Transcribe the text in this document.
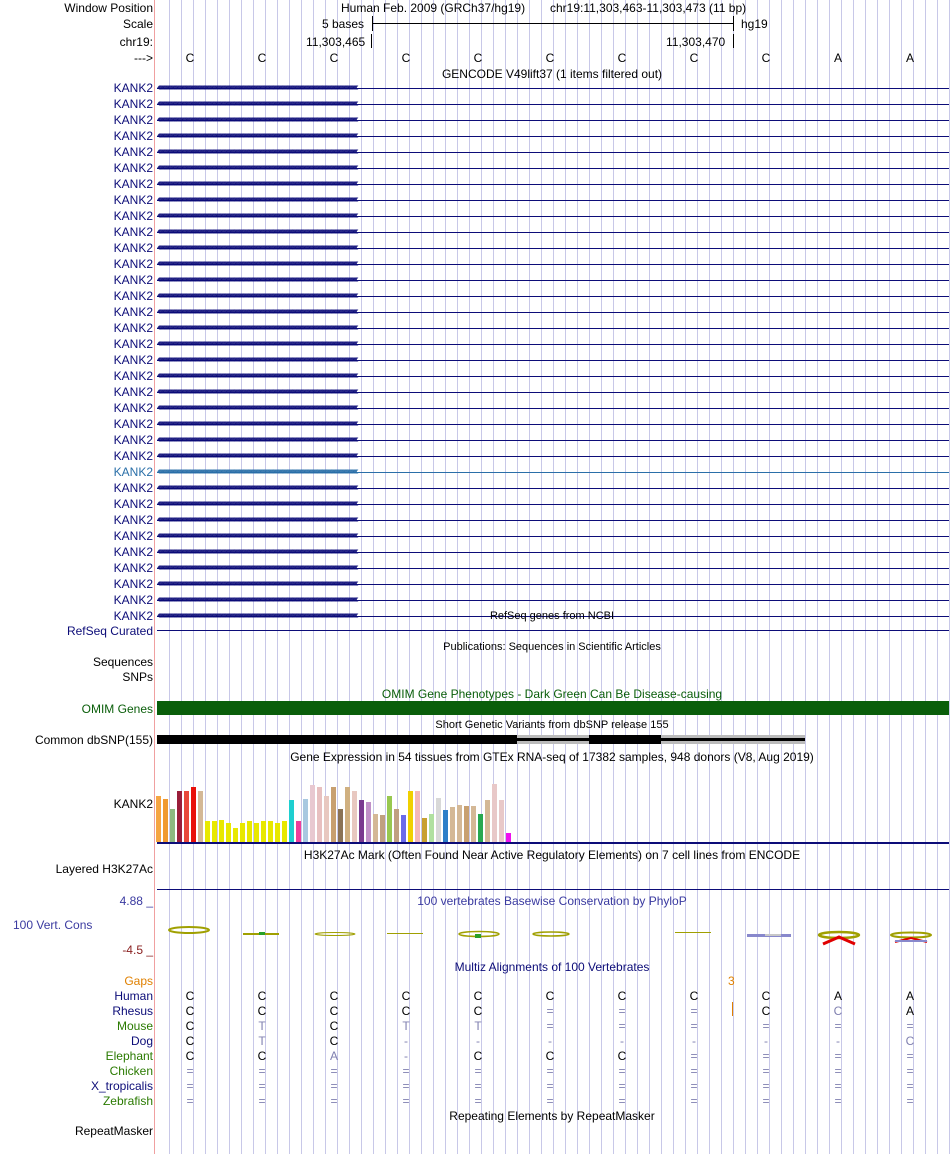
Window Position
Scale
chr19:
--->
Human Feb. 2009 (GRCh37/hg19) chr19:11,303,463-11,303,473 (11 bp)
5 bases	hg19
11,303,465	11,303,470
C	C	C	C	C	C	C	C	C	A	A
GENCODE V49lift37 (1 items filtered out)
KANK2 ‹‹‹‹‹‹‹‹‹‹‹‹‹‹‹‹‹‹‹‹‹‹‹‹‹‹‹‹‹‹‹‹‹‹‹‹‹‹‹‹‹‹‹‹‹‹‹‹‹‹‹‹‹‹‹‹‹‹‹‹‹‹‹‹‹‹‹‹‹‹‹‹‹‹‹‹‹‹‹‹‹‹‹‹‹‹‹‹‹‹‹‹‹‹‹‹‹‹‹‹‹‹‹‹‹‹‹‹‹‹‹‹‹‹‹‹‹‹‹‹‹‹‹‹‹‹‹‹‹‹‹‹‹‹‹‹‹‹‹‹‹‹‹‹‹‹‹‹‹‹‹‹‹‹‹‹‹‹‹‹‹‹‹‹‹‹‹‹‹‹‹‹‹‹‹‹‹‹‹‹‹‹‹‹‹‹‹‹‹‹‹‹‹‹‹‹‹‹‹‹‹‹‹‹‹‹‹‹‹‹‹‹‹‹‹‹‹‹‹‹‹‹‹‹‹‹‹‹‹‹‹‹‹‹‹‹‹‹‹‹
KANK2 ‹‹‹‹‹‹‹‹‹‹‹‹‹‹‹‹‹‹‹‹‹‹‹‹‹‹‹‹‹‹‹‹‹‹‹‹‹‹‹‹‹‹‹‹‹‹‹‹‹‹‹‹‹‹‹‹‹‹‹‹‹‹‹‹‹‹‹‹‹‹‹‹‹‹‹‹‹‹‹‹‹‹‹‹‹‹‹‹‹‹‹‹‹‹‹‹‹‹‹‹‹‹‹‹‹‹‹‹‹‹‹‹‹‹‹‹‹‹‹‹‹‹‹‹‹‹‹‹‹‹‹‹‹‹‹‹‹‹‹‹‹‹‹‹‹‹‹‹‹‹‹‹‹‹‹‹‹‹‹‹‹‹‹‹‹‹‹‹‹‹‹‹‹‹‹‹‹‹‹‹‹‹‹‹‹‹‹‹‹‹‹‹‹‹‹‹‹‹‹‹‹‹‹‹‹‹‹‹‹‹‹‹‹‹‹‹‹‹‹‹‹‹‹‹‹‹‹‹‹‹‹‹‹‹‹‹‹‹‹‹
KANK2 ‹‹‹‹‹‹‹‹‹‹‹‹‹‹‹‹‹‹‹‹‹‹‹‹‹‹‹‹‹‹‹‹‹‹‹‹‹‹‹‹‹‹‹‹‹‹‹‹‹‹‹‹‹‹‹‹‹‹‹‹‹‹‹‹‹‹‹‹‹‹‹‹‹‹‹‹‹‹‹‹‹‹‹‹‹‹‹‹‹‹‹‹‹‹‹‹‹‹‹‹‹‹‹‹‹‹‹‹‹‹‹‹‹‹‹‹‹‹‹‹‹‹‹‹‹‹‹‹‹‹‹‹‹‹‹‹‹‹‹‹‹‹‹‹‹‹‹‹‹‹‹‹‹‹‹‹‹‹‹‹‹‹‹‹‹‹‹‹‹‹‹‹‹‹‹‹‹‹‹‹‹‹‹‹‹‹‹‹‹‹‹‹‹‹‹‹‹‹‹‹‹‹‹‹‹‹‹‹‹‹‹‹‹‹‹‹‹‹‹‹‹‹‹‹‹‹‹‹‹‹‹‹‹‹‹‹‹‹‹‹
KANK2 ‹‹‹‹‹‹‹‹‹‹‹‹‹‹‹‹‹‹‹‹‹‹‹‹‹‹‹‹‹‹‹‹‹‹‹‹‹‹‹‹‹‹‹‹‹‹‹‹‹‹‹‹‹‹‹‹‹‹‹‹‹‹‹‹‹‹‹‹‹‹‹‹‹‹‹‹‹‹‹‹‹‹‹‹‹‹‹‹‹‹‹‹‹‹‹‹‹‹‹‹‹‹‹‹‹‹‹‹‹‹‹‹‹‹‹‹‹‹‹‹‹‹‹‹‹‹‹‹‹‹‹‹‹‹‹‹‹‹‹‹‹‹‹‹‹‹‹‹‹‹‹‹‹‹‹‹‹‹‹‹‹‹‹‹‹‹‹‹‹‹‹‹‹‹‹‹‹‹‹‹‹‹‹‹‹‹‹‹‹‹‹‹‹‹‹‹‹‹‹‹‹‹‹‹‹‹‹‹‹‹‹‹‹‹‹‹‹‹‹‹‹‹‹‹‹‹‹‹‹‹‹‹‹‹‹‹‹‹‹‹
KANK2 ‹‹‹‹‹‹‹‹‹‹‹‹‹‹‹‹‹‹‹‹‹‹‹‹‹‹‹‹‹‹‹‹‹‹‹‹‹‹‹‹‹‹‹‹‹‹‹‹‹‹‹‹‹‹‹‹‹‹‹‹‹‹‹‹‹‹‹‹‹‹‹‹‹‹‹‹‹‹‹‹‹‹‹‹‹‹‹‹‹‹‹‹‹‹‹‹‹‹‹‹‹‹‹‹‹‹‹‹‹‹‹‹‹‹‹‹‹‹‹‹‹‹‹‹‹‹‹‹‹‹‹‹‹‹‹‹‹‹‹‹‹‹‹‹‹‹‹‹‹‹‹‹‹‹‹‹‹‹‹‹‹‹‹‹‹‹‹‹‹‹‹‹‹‹‹‹‹‹‹‹‹‹‹‹‹‹‹‹‹‹‹‹‹‹‹‹‹‹‹‹‹‹‹‹‹‹‹‹‹‹‹‹‹‹‹‹‹‹‹‹‹‹‹‹‹‹‹‹‹‹‹‹‹‹‹‹‹‹‹‹
KANK2 ‹‹‹‹‹‹‹‹‹‹‹‹‹‹‹‹‹‹‹‹‹‹‹‹‹‹‹‹‹‹‹‹‹‹‹‹‹‹‹‹‹‹‹‹‹‹‹‹‹‹‹‹‹‹‹‹‹‹‹‹‹‹‹‹‹‹‹‹‹‹‹‹‹‹‹‹‹‹‹‹‹‹‹‹‹‹‹‹‹‹‹‹‹‹‹‹‹‹‹‹‹‹‹‹‹‹‹‹‹‹‹‹‹‹‹‹‹‹‹‹‹‹‹‹‹‹‹‹‹‹‹‹‹‹‹‹‹‹‹‹‹‹‹‹‹‹‹‹‹‹‹‹‹‹‹‹‹‹‹‹‹‹‹‹‹‹‹‹‹‹‹‹‹‹‹‹‹‹‹‹‹‹‹‹‹‹‹‹‹‹‹‹‹‹‹‹‹‹‹‹‹‹‹‹‹‹‹‹‹‹‹‹‹‹‹‹‹‹‹‹‹‹‹‹‹‹‹‹‹‹‹‹‹‹‹‹‹‹‹‹
KANK2 ‹‹‹‹‹‹‹‹‹‹‹‹‹‹‹‹‹‹‹‹‹‹‹‹‹‹‹‹‹‹‹‹‹‹‹‹‹‹‹‹‹‹‹‹‹‹‹‹‹‹‹‹‹‹‹‹‹‹‹‹‹‹‹‹‹‹‹‹‹‹‹‹‹‹‹‹‹‹‹‹‹‹‹‹‹‹‹‹‹‹‹‹‹‹‹‹‹‹‹‹‹‹‹‹‹‹‹‹‹‹‹‹‹‹‹‹‹‹‹‹‹‹‹‹‹‹‹‹‹‹‹‹‹‹‹‹‹‹‹‹‹‹‹‹‹‹‹‹‹‹‹‹‹‹‹‹‹‹‹‹‹‹‹‹‹‹‹‹‹‹‹‹‹‹‹‹‹‹‹‹‹‹‹‹‹‹‹‹‹‹‹‹‹‹‹‹‹‹‹‹‹‹‹‹‹‹‹‹‹‹‹‹‹‹‹‹‹‹‹‹‹‹‹‹‹‹‹‹‹‹‹‹‹‹‹‹‹‹‹‹
KANK2 ‹‹‹‹‹‹‹‹‹‹‹‹‹‹‹‹‹‹‹‹‹‹‹‹‹‹‹‹‹‹‹‹‹‹‹‹‹‹‹‹‹‹‹‹‹‹‹‹‹‹‹‹‹‹‹‹‹‹‹‹‹‹‹‹‹‹‹‹‹‹‹‹‹‹‹‹‹‹‹‹‹‹‹‹‹‹‹‹‹‹‹‹‹‹‹‹‹‹‹‹‹‹‹‹‹‹‹‹‹‹‹‹‹‹‹‹‹‹‹‹‹‹‹‹‹‹‹‹‹‹‹‹‹‹‹‹‹‹‹‹‹‹‹‹‹‹‹‹‹‹‹‹‹‹‹‹‹‹‹‹‹‹‹‹‹‹‹‹‹‹‹‹‹‹‹‹‹‹‹‹‹‹‹‹‹‹‹‹‹‹‹‹‹‹‹‹‹‹‹‹‹‹‹‹‹‹‹‹‹‹‹‹‹‹‹‹‹‹‹‹‹‹‹‹‹‹‹‹‹‹‹‹‹‹‹‹‹‹‹‹
KANK2 ‹‹‹‹‹‹‹‹‹‹‹‹‹‹‹‹‹‹‹‹‹‹‹‹‹‹‹‹‹‹‹‹‹‹‹‹‹‹‹‹‹‹‹‹‹‹‹‹‹‹‹‹‹‹‹‹‹‹‹‹‹‹‹‹‹‹‹‹‹‹‹‹‹‹‹‹‹‹‹‹‹‹‹‹‹‹‹‹‹‹‹‹‹‹‹‹‹‹‹‹‹‹‹‹‹‹‹‹‹‹‹‹‹‹‹‹‹‹‹‹‹‹‹‹‹‹‹‹‹‹‹‹‹‹‹‹‹‹‹‹‹‹‹‹‹‹‹‹‹‹‹‹‹‹‹‹‹‹‹‹‹‹‹‹‹‹‹‹‹‹‹‹‹‹‹‹‹‹‹‹‹‹‹‹‹‹‹‹‹‹‹‹‹‹‹‹‹‹‹‹‹‹‹‹‹‹‹‹‹‹‹‹‹‹‹‹‹‹‹‹‹‹‹‹‹‹‹‹‹‹‹‹‹‹‹‹‹‹‹‹
KANK2 ‹‹‹‹‹‹‹‹‹‹‹‹‹‹‹‹‹‹‹‹‹‹‹‹‹‹‹‹‹‹‹‹‹‹‹‹‹‹‹‹‹‹‹‹‹‹‹‹‹‹‹‹‹‹‹‹‹‹‹‹‹‹‹‹‹‹‹‹‹‹‹‹‹‹‹‹‹‹‹‹‹‹‹‹‹‹‹‹‹‹‹‹‹‹‹‹‹‹‹‹‹‹‹‹‹‹‹‹‹‹‹‹‹‹‹‹‹‹‹‹‹‹‹‹‹‹‹‹‹‹‹‹‹‹‹‹‹‹‹‹‹‹‹‹‹‹‹‹‹‹‹‹‹‹‹‹‹‹‹‹‹‹‹‹‹‹‹‹‹‹‹‹‹‹‹‹‹‹‹‹‹‹‹‹‹‹‹‹‹‹‹‹‹‹‹‹‹‹‹‹‹‹‹‹‹‹‹‹‹‹‹‹‹‹‹‹‹‹‹‹‹‹‹‹‹‹‹‹‹‹‹‹‹‹‹‹‹‹‹‹
KANK2 ‹‹‹‹‹‹‹‹‹‹‹‹‹‹‹‹‹‹‹‹‹‹‹‹‹‹‹‹‹‹‹‹‹‹‹‹‹‹‹‹‹‹‹‹‹‹‹‹‹‹‹‹‹‹‹‹‹‹‹‹‹‹‹‹‹‹‹‹‹‹‹‹‹‹‹‹‹‹‹‹‹‹‹‹‹‹‹‹‹‹‹‹‹‹‹‹‹‹‹‹‹‹‹‹‹‹‹‹‹‹‹‹‹‹‹‹‹‹‹‹‹‹‹‹‹‹‹‹‹‹‹‹‹‹‹‹‹‹‹‹‹‹‹‹‹‹‹‹‹‹‹‹‹‹‹‹‹‹‹‹‹‹‹‹‹‹‹‹‹‹‹‹‹‹‹‹‹‹‹‹‹‹‹‹‹‹‹‹‹‹‹‹‹‹‹‹‹‹‹‹‹‹‹‹‹‹‹‹‹‹‹‹‹‹‹‹‹‹‹‹‹‹‹‹‹‹‹‹‹‹‹‹‹‹‹‹‹‹‹‹
KANK2 ‹‹‹‹‹‹‹‹‹‹‹‹‹‹‹‹‹‹‹‹‹‹‹‹‹‹‹‹‹‹‹‹‹‹‹‹‹‹‹‹‹‹‹‹‹‹‹‹‹‹‹‹‹‹‹‹‹‹‹‹‹‹‹‹‹‹‹‹‹‹‹‹‹‹‹‹‹‹‹‹‹‹‹‹‹‹‹‹‹‹‹‹‹‹‹‹‹‹‹‹‹‹‹‹‹‹‹‹‹‹‹‹‹‹‹‹‹‹‹‹‹‹‹‹‹‹‹‹‹‹‹‹‹‹‹‹‹‹‹‹‹‹‹‹‹‹‹‹‹‹‹‹‹‹‹‹‹‹‹‹‹‹‹‹‹‹‹‹‹‹‹‹‹‹‹‹‹‹‹‹‹‹‹‹‹‹‹‹‹‹‹‹‹‹‹‹‹‹‹‹‹‹‹‹‹‹‹‹‹‹‹‹‹‹‹‹‹‹‹‹‹‹‹‹‹‹‹‹‹‹‹‹‹‹‹‹‹‹‹‹
KANK2 ‹‹‹‹‹‹‹‹‹‹‹‹‹‹‹‹‹‹‹‹‹‹‹‹‹‹‹‹‹‹‹‹‹‹‹‹‹‹‹‹‹‹‹‹‹‹‹‹‹‹‹‹‹‹‹‹‹‹‹‹‹‹‹‹‹‹‹‹‹‹‹‹‹‹‹‹‹‹‹‹‹‹‹‹‹‹‹‹‹‹‹‹‹‹‹‹‹‹‹‹‹‹‹‹‹‹‹‹‹‹‹‹‹‹‹‹‹‹‹‹‹‹‹‹‹‹‹‹‹‹‹‹‹‹‹‹‹‹‹‹‹‹‹‹‹‹‹‹‹‹‹‹‹‹‹‹‹‹‹‹‹‹‹‹‹‹‹‹‹‹‹‹‹‹‹‹‹‹‹‹‹‹‹‹‹‹‹‹‹‹‹‹‹‹‹‹‹‹‹‹‹‹‹‹‹‹‹‹‹‹‹‹‹‹‹‹‹‹‹‹‹‹‹‹‹‹‹‹‹‹‹‹‹‹‹‹‹‹‹‹
KANK2 ‹‹‹‹‹‹‹‹‹‹‹‹‹‹‹‹‹‹‹‹‹‹‹‹‹‹‹‹‹‹‹‹‹‹‹‹‹‹‹‹‹‹‹‹‹‹‹‹‹‹‹‹‹‹‹‹‹‹‹‹‹‹‹‹‹‹‹‹‹‹‹‹‹‹‹‹‹‹‹‹‹‹‹‹‹‹‹‹‹‹‹‹‹‹‹‹‹‹‹‹‹‹‹‹‹‹‹‹‹‹‹‹‹‹‹‹‹‹‹‹‹‹‹‹‹‹‹‹‹‹‹‹‹‹‹‹‹‹‹‹‹‹‹‹‹‹‹‹‹‹‹‹‹‹‹‹‹‹‹‹‹‹‹‹‹‹‹‹‹‹‹‹‹‹‹‹‹‹‹‹‹‹‹‹‹‹‹‹‹‹‹‹‹‹‹‹‹‹‹‹‹‹‹‹‹‹‹‹‹‹‹‹‹‹‹‹‹‹‹‹‹‹‹‹‹‹‹‹‹‹‹‹‹‹‹‹‹‹‹‹
KANK2 ‹‹‹‹‹‹‹‹‹‹‹‹‹‹‹‹‹‹‹‹‹‹‹‹‹‹‹‹‹‹‹‹‹‹‹‹‹‹‹‹‹‹‹‹‹‹‹‹‹‹‹‹‹‹‹‹‹‹‹‹‹‹‹‹‹‹‹‹‹‹‹‹‹‹‹‹‹‹‹‹‹‹‹‹‹‹‹‹‹‹‹‹‹‹‹‹‹‹‹‹‹‹‹‹‹‹‹‹‹‹‹‹‹‹‹‹‹‹‹‹‹‹‹‹‹‹‹‹‹‹‹‹‹‹‹‹‹‹‹‹‹‹‹‹‹‹‹‹‹‹‹‹‹‹‹‹‹‹‹‹‹‹‹‹‹‹‹‹‹‹‹‹‹‹‹‹‹‹‹‹‹‹‹‹‹‹‹‹‹‹‹‹‹‹‹‹‹‹‹‹‹‹‹‹‹‹‹‹‹‹‹‹‹‹‹‹‹‹‹‹‹‹‹‹‹‹‹‹‹‹‹‹‹‹‹‹‹‹‹‹
KANK2 ‹‹‹‹‹‹‹‹‹‹‹‹‹‹‹‹‹‹‹‹‹‹‹‹‹‹‹‹‹‹‹‹‹‹‹‹‹‹‹‹‹‹‹‹‹‹‹‹‹‹‹‹‹‹‹‹‹‹‹‹‹‹‹‹‹‹‹‹‹‹‹‹‹‹‹‹‹‹‹‹‹‹‹‹‹‹‹‹‹‹‹‹‹‹‹‹‹‹‹‹‹‹‹‹‹‹‹‹‹‹‹‹‹‹‹‹‹‹‹‹‹‹‹‹‹‹‹‹‹‹‹‹‹‹‹‹‹‹‹‹‹‹‹‹‹‹‹‹‹‹‹‹‹‹‹‹‹‹‹‹‹‹‹‹‹‹‹‹‹‹‹‹‹‹‹‹‹‹‹‹‹‹‹‹‹‹‹‹‹‹‹‹‹‹‹‹‹‹‹‹‹‹‹‹‹‹‹‹‹‹‹‹‹‹‹‹‹‹‹‹‹‹‹‹‹‹‹‹‹‹‹‹‹‹‹‹‹‹‹‹
KANK2 ‹‹‹‹‹‹‹‹‹‹‹‹‹‹‹‹‹‹‹‹‹‹‹‹‹‹‹‹‹‹‹‹‹‹‹‹‹‹‹‹‹‹‹‹‹‹‹‹‹‹‹‹‹‹‹‹‹‹‹‹‹‹‹‹‹‹‹‹‹‹‹‹‹‹‹‹‹‹‹‹‹‹‹‹‹‹‹‹‹‹‹‹‹‹‹‹‹‹‹‹‹‹‹‹‹‹‹‹‹‹‹‹‹‹‹‹‹‹‹‹‹‹‹‹‹‹‹‹‹‹‹‹‹‹‹‹‹‹‹‹‹‹‹‹‹‹‹‹‹‹‹‹‹‹‹‹‹‹‹‹‹‹‹‹‹‹‹‹‹‹‹‹‹‹‹‹‹‹‹‹‹‹‹‹‹‹‹‹‹‹‹‹‹‹‹‹‹‹‹‹‹‹‹‹‹‹‹‹‹‹‹‹‹‹‹‹‹‹‹‹‹‹‹‹‹‹‹‹‹‹‹‹‹‹‹‹‹‹‹‹
KANK2 ‹‹‹‹‹‹‹‹‹‹‹‹‹‹‹‹‹‹‹‹‹‹‹‹‹‹‹‹‹‹‹‹‹‹‹‹‹‹‹‹‹‹‹‹‹‹‹‹‹‹‹‹‹‹‹‹‹‹‹‹‹‹‹‹‹‹‹‹‹‹‹‹‹‹‹‹‹‹‹‹‹‹‹‹‹‹‹‹‹‹‹‹‹‹‹‹‹‹‹‹‹‹‹‹‹‹‹‹‹‹‹‹‹‹‹‹‹‹‹‹‹‹‹‹‹‹‹‹‹‹‹‹‹‹‹‹‹‹‹‹‹‹‹‹‹‹‹‹‹‹‹‹‹‹‹‹‹‹‹‹‹‹‹‹‹‹‹‹‹‹‹‹‹‹‹‹‹‹‹‹‹‹‹‹‹‹‹‹‹‹‹‹‹‹‹‹‹‹‹‹‹‹‹‹‹‹‹‹‹‹‹‹‹‹‹‹‹‹‹‹‹‹‹‹‹‹‹‹‹‹‹‹‹‹‹‹‹‹‹‹
KANK2 ‹‹‹‹‹‹‹‹‹‹‹‹‹‹‹‹‹‹‹‹‹‹‹‹‹‹‹‹‹‹‹‹‹‹‹‹‹‹‹‹‹‹‹‹‹‹‹‹‹‹‹‹‹‹‹‹‹‹‹‹‹‹‹‹‹‹‹‹‹‹‹‹‹‹‹‹‹‹‹‹‹‹‹‹‹‹‹‹‹‹‹‹‹‹‹‹‹‹‹‹‹‹‹‹‹‹‹‹‹‹‹‹‹‹‹‹‹‹‹‹‹‹‹‹‹‹‹‹‹‹‹‹‹‹‹‹‹‹‹‹‹‹‹‹‹‹‹‹‹‹‹‹‹‹‹‹‹‹‹‹‹‹‹‹‹‹‹‹‹‹‹‹‹‹‹‹‹‹‹‹‹‹‹‹‹‹‹‹‹‹‹‹‹‹‹‹‹‹‹‹‹‹‹‹‹‹‹‹‹‹‹‹‹‹‹‹‹‹‹‹‹‹‹‹‹‹‹‹‹‹‹‹‹‹‹‹‹‹‹‹
KANK2 ‹‹‹‹‹‹‹‹‹‹‹‹‹‹‹‹‹‹‹‹‹‹‹‹‹‹‹‹‹‹‹‹‹‹‹‹‹‹‹‹‹‹‹‹‹‹‹‹‹‹‹‹‹‹‹‹‹‹‹‹‹‹‹‹‹‹‹‹‹‹‹‹‹‹‹‹‹‹‹‹‹‹‹‹‹‹‹‹‹‹‹‹‹‹‹‹‹‹‹‹‹‹‹‹‹‹‹‹‹‹‹‹‹‹‹‹‹‹‹‹‹‹‹‹‹‹‹‹‹‹‹‹‹‹‹‹‹‹‹‹‹‹‹‹‹‹‹‹‹‹‹‹‹‹‹‹‹‹‹‹‹‹‹‹‹‹‹‹‹‹‹‹‹‹‹‹‹‹‹‹‹‹‹‹‹‹‹‹‹‹‹‹‹‹‹‹‹‹‹‹‹‹‹‹‹‹‹‹‹‹‹‹‹‹‹‹‹‹‹‹‹‹‹‹‹‹‹‹‹‹‹‹‹‹‹‹‹‹‹‹
KANK2 ‹‹‹‹‹‹‹‹‹‹‹‹‹‹‹‹‹‹‹‹‹‹‹‹‹‹‹‹‹‹‹‹‹‹‹‹‹‹‹‹‹‹‹‹‹‹‹‹‹‹‹‹‹‹‹‹‹‹‹‹‹‹‹‹‹‹‹‹‹‹‹‹‹‹‹‹‹‹‹‹‹‹‹‹‹‹‹‹‹‹‹‹‹‹‹‹‹‹‹‹‹‹‹‹‹‹‹‹‹‹‹‹‹‹‹‹‹‹‹‹‹‹‹‹‹‹‹‹‹‹‹‹‹‹‹‹‹‹‹‹‹‹‹‹‹‹‹‹‹‹‹‹‹‹‹‹‹‹‹‹‹‹‹‹‹‹‹‹‹‹‹‹‹‹‹‹‹‹‹‹‹‹‹‹‹‹‹‹‹‹‹‹‹‹‹‹‹‹‹‹‹‹‹‹‹‹‹‹‹‹‹‹‹‹‹‹‹‹‹‹‹‹‹‹‹‹‹‹‹‹‹‹‹‹‹‹‹‹‹‹
KANK2 ‹‹‹‹‹‹‹‹‹‹‹‹‹‹‹‹‹‹‹‹‹‹‹‹‹‹‹‹‹‹‹‹‹‹‹‹‹‹‹‹‹‹‹‹‹‹‹‹‹‹‹‹‹‹‹‹‹‹‹‹‹‹‹‹‹‹‹‹‹‹‹‹‹‹‹‹‹‹‹‹‹‹‹‹‹‹‹‹‹‹‹‹‹‹‹‹‹‹‹‹‹‹‹‹‹‹‹‹‹‹‹‹‹‹‹‹‹‹‹‹‹‹‹‹‹‹‹‹‹‹‹‹‹‹‹‹‹‹‹‹‹‹‹‹‹‹‹‹‹‹‹‹‹‹‹‹‹‹‹‹‹‹‹‹‹‹‹‹‹‹‹‹‹‹‹‹‹‹‹‹‹‹‹‹‹‹‹‹‹‹‹‹‹‹‹‹‹‹‹‹‹‹‹‹‹‹‹‹‹‹‹‹‹‹‹‹‹‹‹‹‹‹‹‹‹‹‹‹‹‹‹‹‹‹‹‹‹‹‹‹
KANK2 ‹‹‹‹‹‹‹‹‹‹‹‹‹‹‹‹‹‹‹‹‹‹‹‹‹‹‹‹‹‹‹‹‹‹‹‹‹‹‹‹‹‹‹‹‹‹‹‹‹‹‹‹‹‹‹‹‹‹‹‹‹‹‹‹‹‹‹‹‹‹‹‹‹‹‹‹‹‹‹‹‹‹‹‹‹‹‹‹‹‹‹‹‹‹‹‹‹‹‹‹‹‹‹‹‹‹‹‹‹‹‹‹‹‹‹‹‹‹‹‹‹‹‹‹‹‹‹‹‹‹‹‹‹‹‹‹‹‹‹‹‹‹‹‹‹‹‹‹‹‹‹‹‹‹‹‹‹‹‹‹‹‹‹‹‹‹‹‹‹‹‹‹‹‹‹‹‹‹‹‹‹‹‹‹‹‹‹‹‹‹‹‹‹‹‹‹‹‹‹‹‹‹‹‹‹‹‹‹‹‹‹‹‹‹‹‹‹‹‹‹‹‹‹‹‹‹‹‹‹‹‹‹‹‹‹‹‹‹‹‹
KANK2 ‹‹‹‹‹‹‹‹‹‹‹‹‹‹‹‹‹‹‹‹‹‹‹‹‹‹‹‹‹‹‹‹‹‹‹‹‹‹‹‹‹‹‹‹‹‹‹‹‹‹‹‹‹‹‹‹‹‹‹‹‹‹‹‹‹‹‹‹‹‹‹‹‹‹‹‹‹‹‹‹‹‹‹‹‹‹‹‹‹‹‹‹‹‹‹‹‹‹‹‹‹‹‹‹‹‹‹‹‹‹‹‹‹‹‹‹‹‹‹‹‹‹‹‹‹‹‹‹‹‹‹‹‹‹‹‹‹‹‹‹‹‹‹‹‹‹‹‹‹‹‹‹‹‹‹‹‹‹‹‹‹‹‹‹‹‹‹‹‹‹‹‹‹‹‹‹‹‹‹‹‹‹‹‹‹‹‹‹‹‹‹‹‹‹‹‹‹‹‹‹‹‹‹‹‹‹‹‹‹‹‹‹‹‹‹‹‹‹‹‹‹‹‹‹‹‹‹‹‹‹‹‹‹‹‹‹‹‹‹‹
KANK2 ‹‹‹‹‹‹‹‹‹‹‹‹‹‹‹‹‹‹‹‹‹‹‹‹‹‹‹‹‹‹‹‹‹‹‹‹‹‹‹‹‹‹‹‹‹‹‹‹‹‹‹‹‹‹‹‹‹‹‹‹‹‹‹‹‹‹‹‹‹‹‹‹‹‹‹‹‹‹‹‹‹‹‹‹‹‹‹‹‹‹‹‹‹‹‹‹‹‹‹‹‹‹‹‹‹‹‹‹‹‹‹‹‹‹‹‹‹‹‹‹‹‹‹‹‹‹‹‹‹‹‹‹‹‹‹‹‹‹‹‹‹‹‹‹‹‹‹‹‹‹‹‹‹‹‹‹‹‹‹‹‹‹‹‹‹‹‹‹‹‹‹‹‹‹‹‹‹‹‹‹‹‹‹‹‹‹‹‹‹‹‹‹‹‹‹‹‹‹‹‹‹‹‹‹‹‹‹‹‹‹‹‹‹‹‹‹‹‹‹‹‹‹‹‹‹‹‹‹‹‹‹‹‹‹‹‹‹‹‹‹
KANK2 ‹‹‹‹‹‹‹‹‹‹‹‹‹‹‹‹‹‹‹‹‹‹‹‹‹‹‹‹‹‹‹‹‹‹‹‹‹‹‹‹‹‹‹‹‹‹‹‹‹‹‹‹‹‹‹‹‹‹‹‹‹‹‹‹‹‹‹‹‹‹‹‹‹‹‹‹‹‹‹‹‹‹‹‹‹‹‹‹‹‹‹‹‹‹‹‹‹‹‹‹‹‹‹‹‹‹‹‹‹‹‹‹‹‹‹‹‹‹‹‹‹‹‹‹‹‹‹‹‹‹‹‹‹‹‹‹‹‹‹‹‹‹‹‹‹‹‹‹‹‹‹‹‹‹‹‹‹‹‹‹‹‹‹‹‹‹‹‹‹‹‹‹‹‹‹‹‹‹‹‹‹‹‹‹‹‹‹‹‹‹‹‹‹‹‹‹‹‹‹‹‹‹‹‹‹‹‹‹‹‹‹‹‹‹‹‹‹‹‹‹‹‹‹‹‹‹‹‹‹‹‹‹‹‹‹‹‹‹‹‹
KANK2 ‹‹‹‹‹‹‹‹‹‹‹‹‹‹‹‹‹‹‹‹‹‹‹‹‹‹‹‹‹‹‹‹‹‹‹‹‹‹‹‹‹‹‹‹‹‹‹‹‹‹‹‹‹‹‹‹‹‹‹‹‹‹‹‹‹‹‹‹‹‹‹‹‹‹‹‹‹‹‹‹‹‹‹‹‹‹‹‹‹‹‹‹‹‹‹‹‹‹‹‹‹‹‹‹‹‹‹‹‹‹‹‹‹‹‹‹‹‹‹‹‹‹‹‹‹‹‹‹‹‹‹‹‹‹‹‹‹‹‹‹‹‹‹‹‹‹‹‹‹‹‹‹‹‹‹‹‹‹‹‹‹‹‹‹‹‹‹‹‹‹‹‹‹‹‹‹‹‹‹‹‹‹‹‹‹‹‹‹‹‹‹‹‹‹‹‹‹‹‹‹‹‹‹‹‹‹‹‹‹‹‹‹‹‹‹‹‹‹‹‹‹‹‹‹‹‹‹‹‹‹‹‹‹‹‹‹‹‹‹‹
KANK2 ‹‹‹‹‹‹‹‹‹‹‹‹‹‹‹‹‹‹‹‹‹‹‹‹‹‹‹‹‹‹‹‹‹‹‹‹‹‹‹‹‹‹‹‹‹‹‹‹‹‹‹‹‹‹‹‹‹‹‹‹‹‹‹‹‹‹‹‹‹‹‹‹‹‹‹‹‹‹‹‹‹‹‹‹‹‹‹‹‹‹‹‹‹‹‹‹‹‹‹‹‹‹‹‹‹‹‹‹‹‹‹‹‹‹‹‹‹‹‹‹‹‹‹‹‹‹‹‹‹‹‹‹‹‹‹‹‹‹‹‹‹‹‹‹‹‹‹‹‹‹‹‹‹‹‹‹‹‹‹‹‹‹‹‹‹‹‹‹‹‹‹‹‹‹‹‹‹‹‹‹‹‹‹‹‹‹‹‹‹‹‹‹‹‹‹‹‹‹‹‹‹‹‹‹‹‹‹‹‹‹‹‹‹‹‹‹‹‹‹‹‹‹‹‹‹‹‹‹‹‹‹‹‹‹‹‹‹‹‹‹
KANK2 ‹‹‹‹‹‹‹‹‹‹‹‹‹‹‹‹‹‹‹‹‹‹‹‹‹‹‹‹‹‹‹‹‹‹‹‹‹‹‹‹‹‹‹‹‹‹‹‹‹‹‹‹‹‹‹‹‹‹‹‹‹‹‹‹‹‹‹‹‹‹‹‹‹‹‹‹‹‹‹‹‹‹‹‹‹‹‹‹‹‹‹‹‹‹‹‹‹‹‹‹‹‹‹‹‹‹‹‹‹‹‹‹‹‹‹‹‹‹‹‹‹‹‹‹‹‹‹‹‹‹‹‹‹‹‹‹‹‹‹‹‹‹‹‹‹‹‹‹‹‹‹‹‹‹‹‹‹‹‹‹‹‹‹‹‹‹‹‹‹‹‹‹‹‹‹‹‹‹‹‹‹‹‹‹‹‹‹‹‹‹‹‹‹‹‹‹‹‹‹‹‹‹‹‹‹‹‹‹‹‹‹‹‹‹‹‹‹‹‹‹‹‹‹‹‹‹‹‹‹‹‹‹‹‹‹‹‹‹‹‹
KANK2 ‹‹‹‹‹‹‹‹‹‹‹‹‹‹‹‹‹‹‹‹‹‹‹‹‹‹‹‹‹‹‹‹‹‹‹‹‹‹‹‹‹‹‹‹‹‹‹‹‹‹‹‹‹‹‹‹‹‹‹‹‹‹‹‹‹‹‹‹‹‹‹‹‹‹‹‹‹‹‹‹‹‹‹‹‹‹‹‹‹‹‹‹‹‹‹‹‹‹‹‹‹‹‹‹‹‹‹‹‹‹‹‹‹‹‹‹‹‹‹‹‹‹‹‹‹‹‹‹‹‹‹‹‹‹‹‹‹‹‹‹‹‹‹‹‹‹‹‹‹‹‹‹‹‹‹‹‹‹‹‹‹‹‹‹‹‹‹‹‹‹‹‹‹‹‹‹‹‹‹‹‹‹‹‹‹‹‹‹‹‹‹‹‹‹‹‹‹‹‹‹‹‹‹‹‹‹‹‹‹‹‹‹‹‹‹‹‹‹‹‹‹‹‹‹‹‹‹‹‹‹‹‹‹‹‹‹‹‹‹‹
KANK2 ‹‹‹‹‹‹‹‹‹‹‹‹‹‹‹‹‹‹‹‹‹‹‹‹‹‹‹‹‹‹‹‹‹‹‹‹‹‹‹‹‹‹‹‹‹‹‹‹‹‹‹‹‹‹‹‹‹‹‹‹‹‹‹‹‹‹‹‹‹‹‹‹‹‹‹‹‹‹‹‹‹‹‹‹‹‹‹‹‹‹‹‹‹‹‹‹‹‹‹‹‹‹‹‹‹‹‹‹‹‹‹‹‹‹‹‹‹‹‹‹‹‹‹‹‹‹‹‹‹‹‹‹‹‹‹‹‹‹‹‹‹‹‹‹‹‹‹‹‹‹‹‹‹‹‹‹‹‹‹‹‹‹‹‹‹‹‹‹‹‹‹‹‹‹‹‹‹‹‹‹‹‹‹‹‹‹‹‹‹‹‹‹‹‹‹‹‹‹‹‹‹‹‹‹‹‹‹‹‹‹‹‹‹‹‹‹‹‹‹‹‹‹‹‹‹‹‹‹‹‹‹‹‹‹‹‹‹‹‹‹
KANK2 ‹‹‹‹‹‹‹‹‹‹‹‹‹‹‹‹‹‹‹‹‹‹‹‹‹‹‹‹‹‹‹‹‹‹‹‹‹‹‹‹‹‹‹‹‹‹‹‹‹‹‹‹‹‹‹‹‹‹‹‹‹‹‹‹‹‹‹‹‹‹‹‹‹‹‹‹‹‹‹‹‹‹‹‹‹‹‹‹‹‹‹‹‹‹‹‹‹‹‹‹‹‹‹‹‹‹‹‹‹‹‹‹‹‹‹‹‹‹‹‹‹‹‹‹‹‹‹‹‹‹‹‹‹‹‹‹‹‹‹‹‹‹‹‹‹‹‹‹‹‹‹‹‹‹‹‹‹‹‹‹‹‹‹‹‹‹‹‹‹‹‹‹‹‹‹‹‹‹‹‹‹‹‹‹‹‹‹‹‹‹‹‹‹‹‹‹‹‹‹‹‹‹‹‹‹‹‹‹‹‹‹‹‹‹‹‹‹‹‹‹‹‹‹‹‹‹‹‹‹‹‹‹‹‹‹‹‹‹‹‹
KANK2 ‹‹‹‹‹‹‹‹‹‹‹‹‹‹‹‹‹‹‹‹‹‹‹‹‹‹‹‹‹‹‹‹‹‹‹‹‹‹‹‹‹‹‹‹‹‹‹‹‹‹‹‹‹‹‹‹‹‹‹‹‹‹‹‹‹‹‹‹‹‹‹‹‹‹‹‹‹‹‹‹‹‹‹‹‹‹‹‹‹‹‹‹‹‹‹‹‹‹‹‹‹‹‹‹‹‹‹‹‹‹‹‹‹‹‹‹‹‹‹‹‹‹‹‹‹‹‹‹‹‹‹‹‹‹‹‹‹‹‹‹‹‹‹‹‹‹‹‹‹‹‹‹‹‹‹‹‹‹‹‹‹‹‹‹‹‹‹‹‹‹‹‹‹‹‹‹‹‹‹‹‹‹‹‹‹‹‹‹‹‹‹‹‹‹‹‹‹‹‹‹‹‹‹‹‹‹‹‹‹‹‹‹‹‹‹‹‹‹‹‹‹‹‹‹‹‹‹‹‹‹‹‹‹‹‹‹‹‹‹‹
KANK2 ‹‹‹‹‹‹‹‹‹‹‹‹‹‹‹‹‹‹‹‹‹‹‹‹‹‹‹‹‹‹‹‹‹‹‹‹‹‹‹‹‹‹‹‹‹‹‹‹‹‹‹‹‹‹‹‹‹‹‹‹‹‹‹‹‹‹‹‹‹‹‹‹‹‹‹‹‹‹‹‹‹‹‹‹‹‹‹‹‹‹‹‹‹‹‹‹‹‹‹‹‹‹‹‹‹‹‹‹‹‹‹‹‹‹‹‹‹‹‹‹‹‹‹‹‹‹‹‹‹‹‹‹‹‹‹‹‹‹‹‹‹‹‹‹‹‹‹‹‹‹‹‹‹‹‹‹‹‹‹‹‹‹‹‹‹‹‹‹‹‹‹‹‹‹‹‹‹‹‹‹‹‹‹‹‹‹‹‹‹‹‹‹‹‹‹‹‹‹‹‹‹‹‹‹‹‹‹‹‹‹‹‹‹‹‹‹‹‹‹‹‹‹‹‹‹‹‹‹‹‹‹‹‹‹‹‹‹‹‹‹	RefSeq genes from NCBI
RefSeq Curated
Publications: Sequences in Scientific Articles
Sequences
SNPs
OMIM Gene Phenotypes - Dark Green Can Be Disease-causing
OMIM Genes
Short Genetic Variants from dbSNP release 155
Common dbSNP(155)
Gene Expression in 54 tissues from GTEx RNA-seq of 17382 samples, 948 donors (V8, Aug 2019)
KANK2
H3K27Ac Mark (Often Found Near Active Regulatory Elements) on 7 cell lines from ENCODE
Layered H3K27Ac
100 vertebrates Basewise Conservation by PhyloP
4.88 _
100 Vert. Cons
-4.5 _
Multiz Alignments of 100 Vertebrates
Gaps	3
Human	C	C	C	C	C	C	C	C	C	A	A
Rhesus	C	C	C	C	C	=	=	=	C	C	A
Mouse	C	T	C	T	T	=	=	=	=	=	=
Dog	C	T	C	-	-	-	-	-	-	-	C
Elephant	C	C	A	-	C	C	C	=	=	=	=
Chicken	=	=	=	=	=	=	=	=	=	=	=
X_tropicalis	=	=	=	=	=	=	=	=	=	=	=
Zebrafish	=	=	=	=	=	=	=	=	=	=	=
Repeating Elements by RepeatMasker
RepeatMasker
